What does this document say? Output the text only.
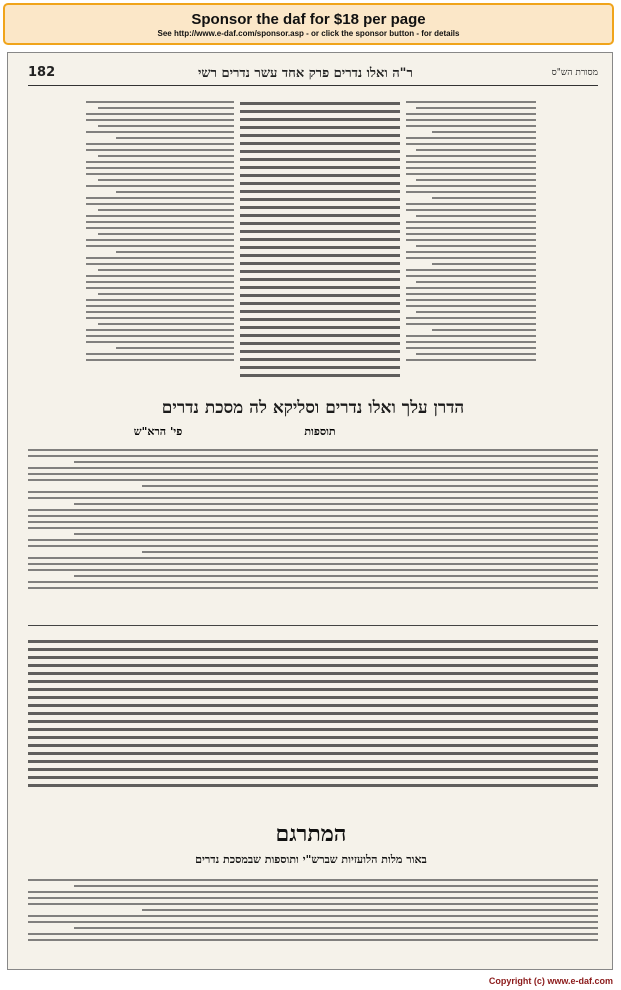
Sponsor the daf for $18 per page
See http://www.e-daf.com/sponsor.asp - or click the sponsor button - for details
182	ר"ה ואלו נדרים פרק אחד עשר נדרים רשי	מסורת הש"ס
הדרן עלך ואלו נדרים וסליקא לה מסכת נדרים
תוספות
פי' הרא"ש
המתרגם
באור מלות הלועזיות שברש"י ותוספות שבמסכת נדרים
Copyright (c) www.e-daf.com
